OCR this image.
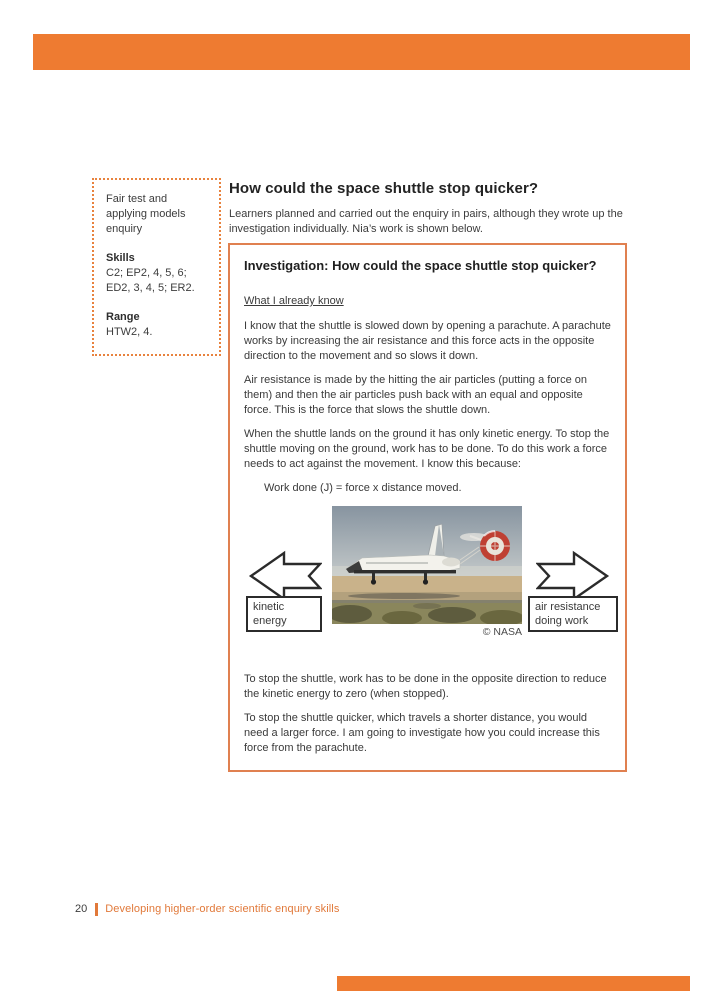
Fair test and applying models enquiry
Skills
C2; EP2, 4, 5, 6; ED2, 3, 4, 5; ER2.
Range
HTW2, 4.
How could the space shuttle stop quicker?

Learners planned and carried out the enquiry in pairs, although they wrote up the investigation individually. Nia’s work is shown below.

Investigation: How could the space shuttle stop quicker?
What I already know

I know that the shuttle is slowed down by opening a parachute. A parachute works by increasing the air resistance and this force acts in the opposite direction to the movement and so slows it down.

Air resistance is made by the hitting the air particles (putting a force on them) and then the air particles push back with an equal and opposite force. This is the force that slows the shuttle down.

When the shuttle lands on the ground it has only kinetic energy. To stop the shuttle moving on the ground, work has to be done. To do this work a force needs to act against the movement. I know this because:

Work done (J) = force x distance moved.

kinetic energy
air resistance doing work
© NASA

To stop the shuttle, work has to be done in the opposite direction to reduce the kinetic energy to zero (when stopped).

To stop the shuttle quicker, which travels a shorter distance, you would need a larger force. I am going to investigate how you could increase this force from the parachute.

20 Developing higher-order scientific enquiry skills
